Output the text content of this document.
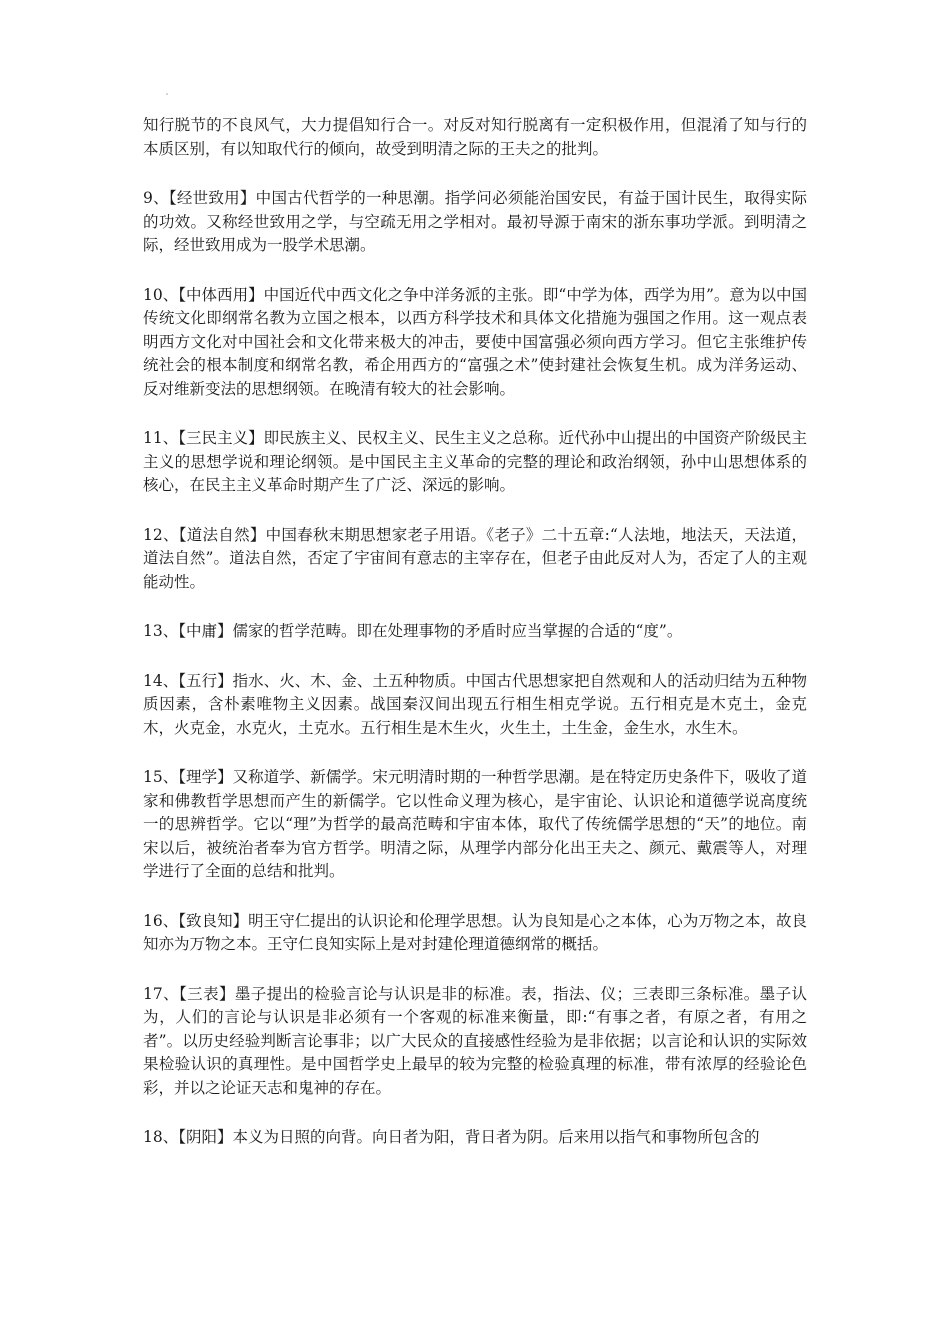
知行脱节的不良风气，大力提倡知行合一。对反对知行脱离有一定积极作用，但混淆了知与行的本质区别，有以知取代行的倾向，故受到明清之际的王夫之的批判。

9、【经世致用】中国古代哲学的一种思潮。指学问必须能治国安民，有益于国计民生，取得实际的功效。又称经世致用之学，与空疏无用之学相对。最初导源于南宋的浙东事功学派。到明清之际，经世致用成为一股学术思潮。

10、【中体西用】中国近代中西文化之争中洋务派的主张。即“中学为体，西学为用”。意为以中国传统文化即纲常名教为立国之根本，以西方科学技术和具体文化措施为强国之作用。这一观点表明西方文化对中国社会和文化带来极大的冲击，要使中国富强必须向西方学习。但它主张维护传统社会的根本制度和纲常名教，希企用西方的“富强之术”使封建社会恢复生机。成为洋务运动、反对维新变法的思想纲领。在晚清有较大的社会影响。

11、【三民主义】即民族主义、民权主义、民生主义之总称。近代孙中山提出的中国资产阶级民主主义的思想学说和理论纲领。是中国民主主义革命的完整的理论和政治纲领，孙中山思想体系的核心，在民主主义革命时期产生了广泛、深远的影响。

12、【道法自然】中国春秋末期思想家老子用语。《老子》二十五章:“人法地，地法天，天法道，道法自然”。道法自然，否定了宇宙间有意志的主宰存在，但老子由此反对人为，否定了人的主观能动性。

13、【中庸】儒家的哲学范畴。即在处理事物的矛盾时应当掌握的合适的“度”。

14、【五行】指水、火、木、金、土五种物质。中国古代思想家把自然观和人的活动归结为五种物质因素，含朴素唯物主义因素。战国秦汉间出现五行相生相克学说。五行相克是木克土，金克木，火克金，水克火，土克水。五行相生是木生火，火生土，土生金，金生水，水生木。

15、【理学】又称道学、新儒学。宋元明清时期的一种哲学思潮。是在特定历史条件下，吸收了道家和佛教哲学思想而产生的新儒学。它以性命义理为核心，是宇宙论、认识论和道德学说高度统一的思辨哲学。它以“理”为哲学的最高范畴和宇宙本体，取代了传统儒学思想的“天”的地位。南宋以后，被统治者奉为官方哲学。明清之际，从理学内部分化出王夫之、颜元、戴震等人，对理学进行了全面的总结和批判。

16、【致良知】明王守仁提出的认识论和伦理学思想。认为良知是心之本体，心为万物之本，故良知亦为万物之本。王守仁良知实际上是对封建伦理道德纲常的概括。

17、【三表】墨子提出的检验言论与认识是非的标准。表，指法、仪；三表即三条标准。墨子认为，人们的言论与认识是非必须有一个客观的标准来衡量，即:“有事之者，有原之者，有用之者”。以历史经验判断言论事非；以广大民众的直接感性经验为是非依据；以言论和认识的实际效果检验认识的真理性。是中国哲学史上最早的较为完整的检验真理的标准，带有浓厚的经验论色彩，并以之论证天志和鬼神的存在。

18、【阴阳】本义为日照的向背。向日者为阳，背日者为阴。后来用以指气和事物所包含的
